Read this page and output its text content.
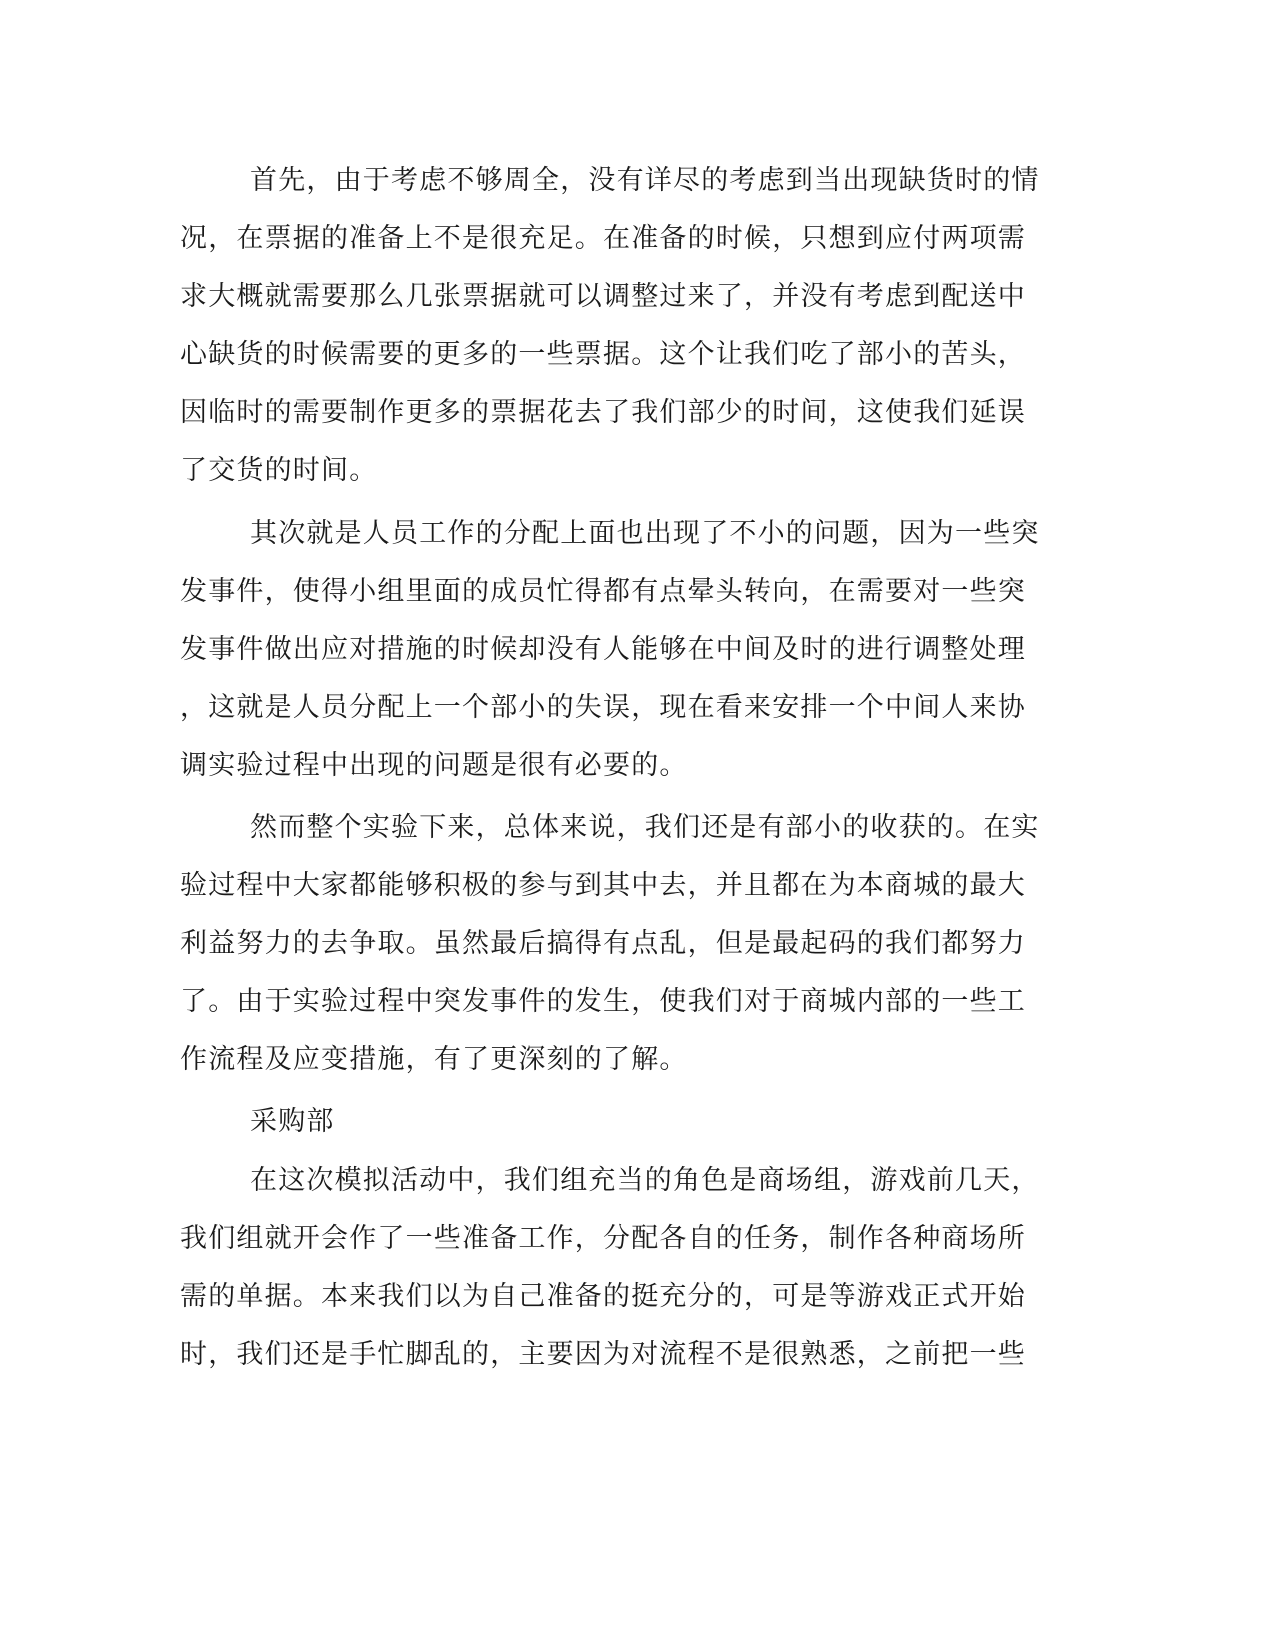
首先，由于考虑不够周全，没有详尽的考虑到当出现缺货时的情
况，在票据的准备上不是很充足。在准备的时候，只想到应付两项需
求大概就需要那么几张票据就可以调整过来了，并没有考虑到配送中
心缺货的时候需要的更多的一些票据。这个让我们吃了部小的苦头，
因临时的需要制作更多的票据花去了我们部少的时间，这使我们延误
了交货的时间。
其次就是人员工作的分配上面也出现了不小的问题，因为一些突
发事件，使得小组里面的成员忙得都有点晕头转向，在需要对一些突
发事件做出应对措施的时候却没有人能够在中间及时的进行调整处理
，这就是人员分配上一个部小的失误，现在看来安排一个中间人来协
调实验过程中出现的问题是很有必要的。
然而整个实验下来，总体来说，我们还是有部小的收获的。在实
验过程中大家都能够积极的参与到其中去，并且都在为本商城的最大
利益努力的去争取。虽然最后搞得有点乱，但是最起码的我们都努力
了。由于实验过程中突发事件的发生，使我们对于商城内部的一些工
作流程及应变措施，有了更深刻的了解。
采购部
在这次模拟活动中，我们组充当的角色是商场组，游戏前几天，
我们组就开会作了一些准备工作，分配各自的任务，制作各种商场所
需的单据。本来我们以为自己准备的挺充分的，可是等游戏正式开始
时，我们还是手忙脚乱的，主要因为对流程不是很熟悉，之前把一些
